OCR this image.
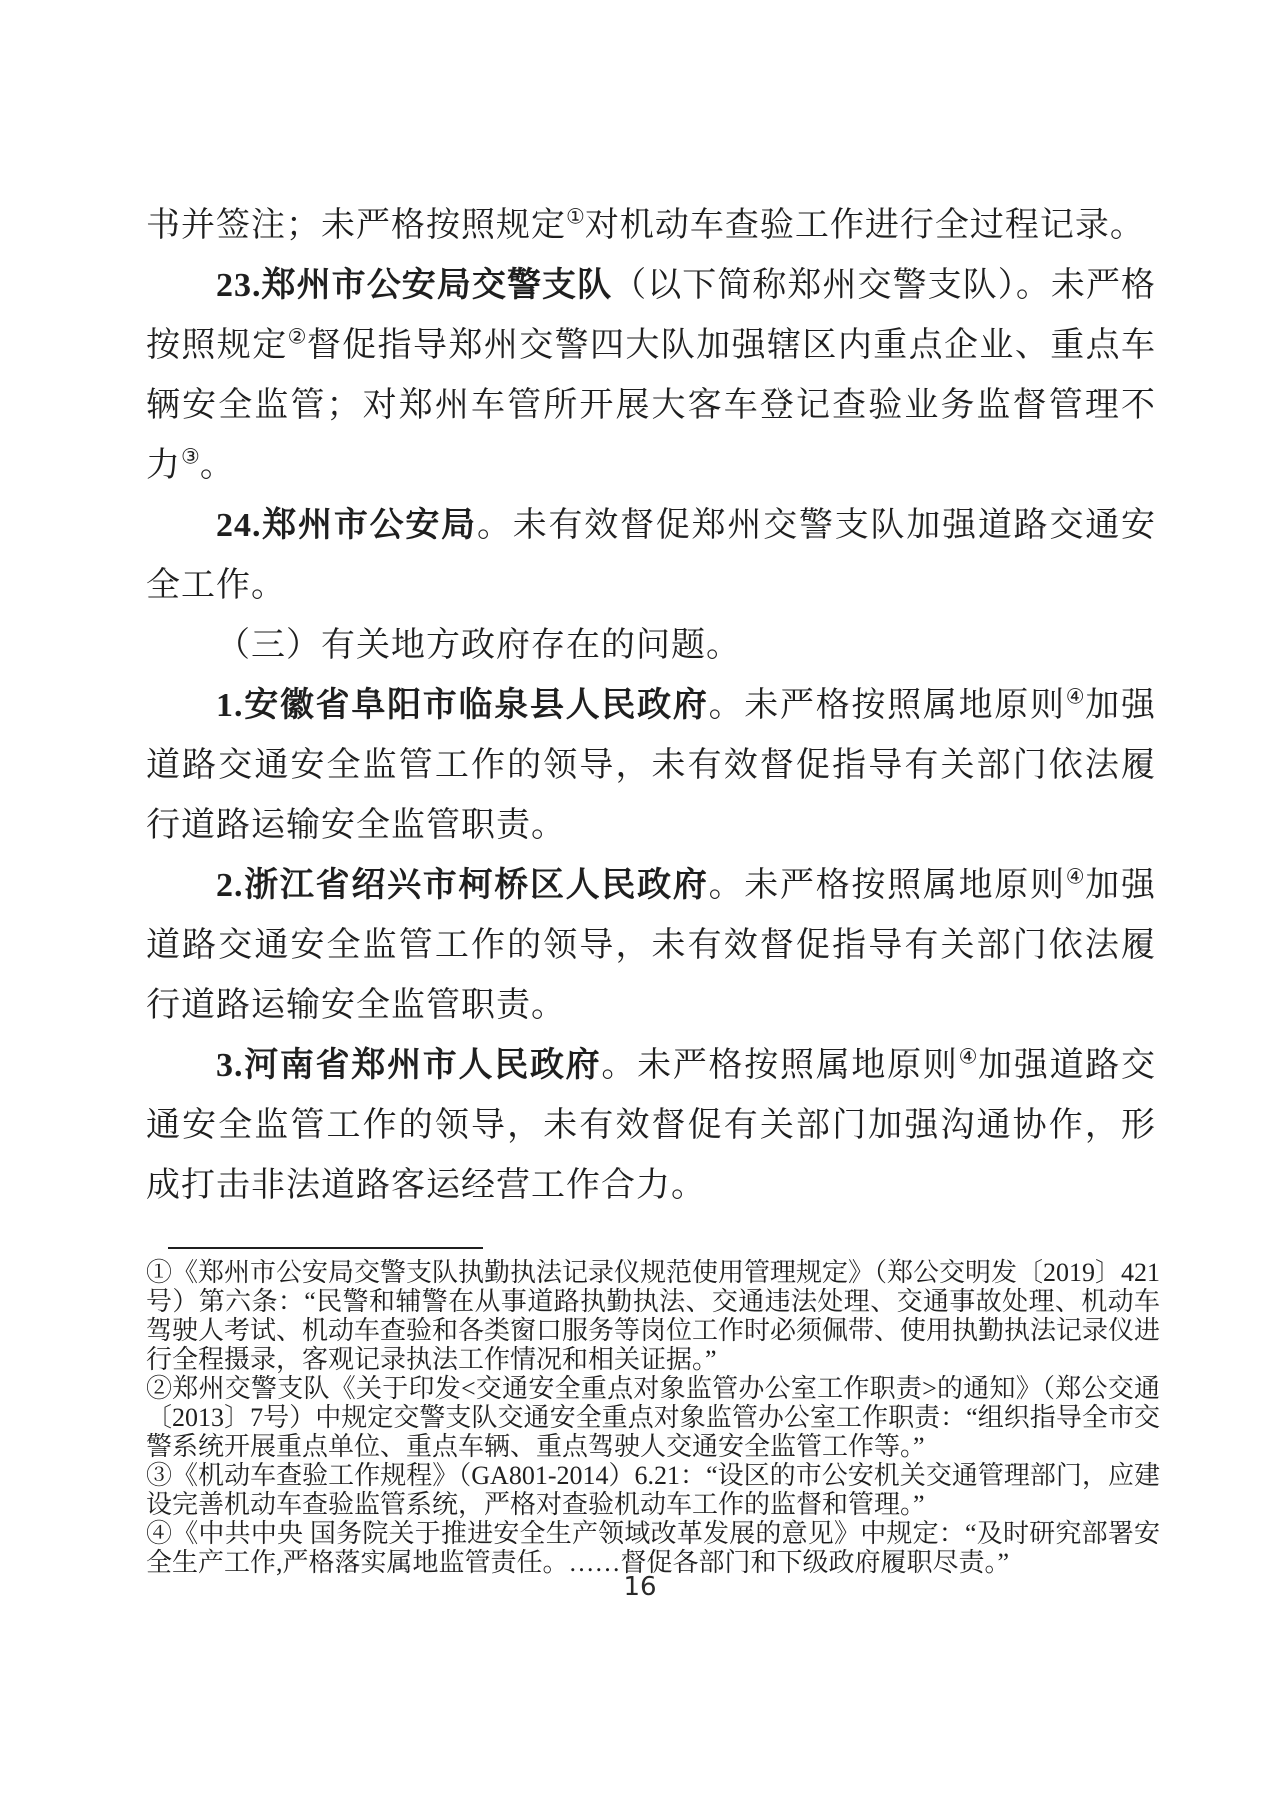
书并签注；未严格按照规定①对机动车查验工作进行全过程记录。

23.郑州市公安局交警支队（以下简称郑州交警支队）。未严格按照规定②督促指导郑州交警四大队加强辖区内重点企业、重点车辆安全监管；对郑州车管所开展大客车登记查验业务监督管理不力③。

24.郑州市公安局。未有效督促郑州交警支队加强道路交通安全工作。

（三）有关地方政府存在的问题。

1.安徽省阜阳市临泉县人民政府。未严格按照属地原则④加强道路交通安全监管工作的领导，未有效督促指导有关部门依法履行道路运输安全监管职责。

2.浙江省绍兴市柯桥区人民政府。未严格按照属地原则④加强道路交通安全监管工作的领导，未有效督促指导有关部门依法履行道路运输安全监管职责。

3.河南省郑州市人民政府。未严格按照属地原则④加强道路交通安全监管工作的领导，未有效督促有关部门加强沟通协作，形成打击非法道路客运经营工作合力。

①《郑州市公安局交警支队执勤执法记录仪规范使用管理规定》（郑公交明发〔2019〕421号）第六条：“民警和辅警在从事道路执勤执法、交通违法处理、交通事故处理、机动车驾驶人考试、机动车查验和各类窗口服务等岗位工作时必须佩带、使用执勤执法记录仪进行全程摄录，客观记录执法工作情况和相关证据。”

②郑州交警支队《关于印发<交通安全重点对象监管办公室工作职责>的通知》（郑公交通〔2013〕7号）中规定交警支队交通安全重点对象监管办公室工作职责：“组织指导全市交警系统开展重点单位、重点车辆、重点驾驶人交通安全监管工作等。”

③《机动车查验工作规程》（GA801-2014）6.21：“设区的市公安机关交通管理部门，应建设完善机动车查验监管系统，严格对查验机动车工作的监督和管理。”

④《中共中央 国务院关于推进安全生产领域改革发展的意见》中规定：“及时研究部署安全生产工作,严格落实属地监管责任。……督促各部门和下级政府履职尽责。”

16
